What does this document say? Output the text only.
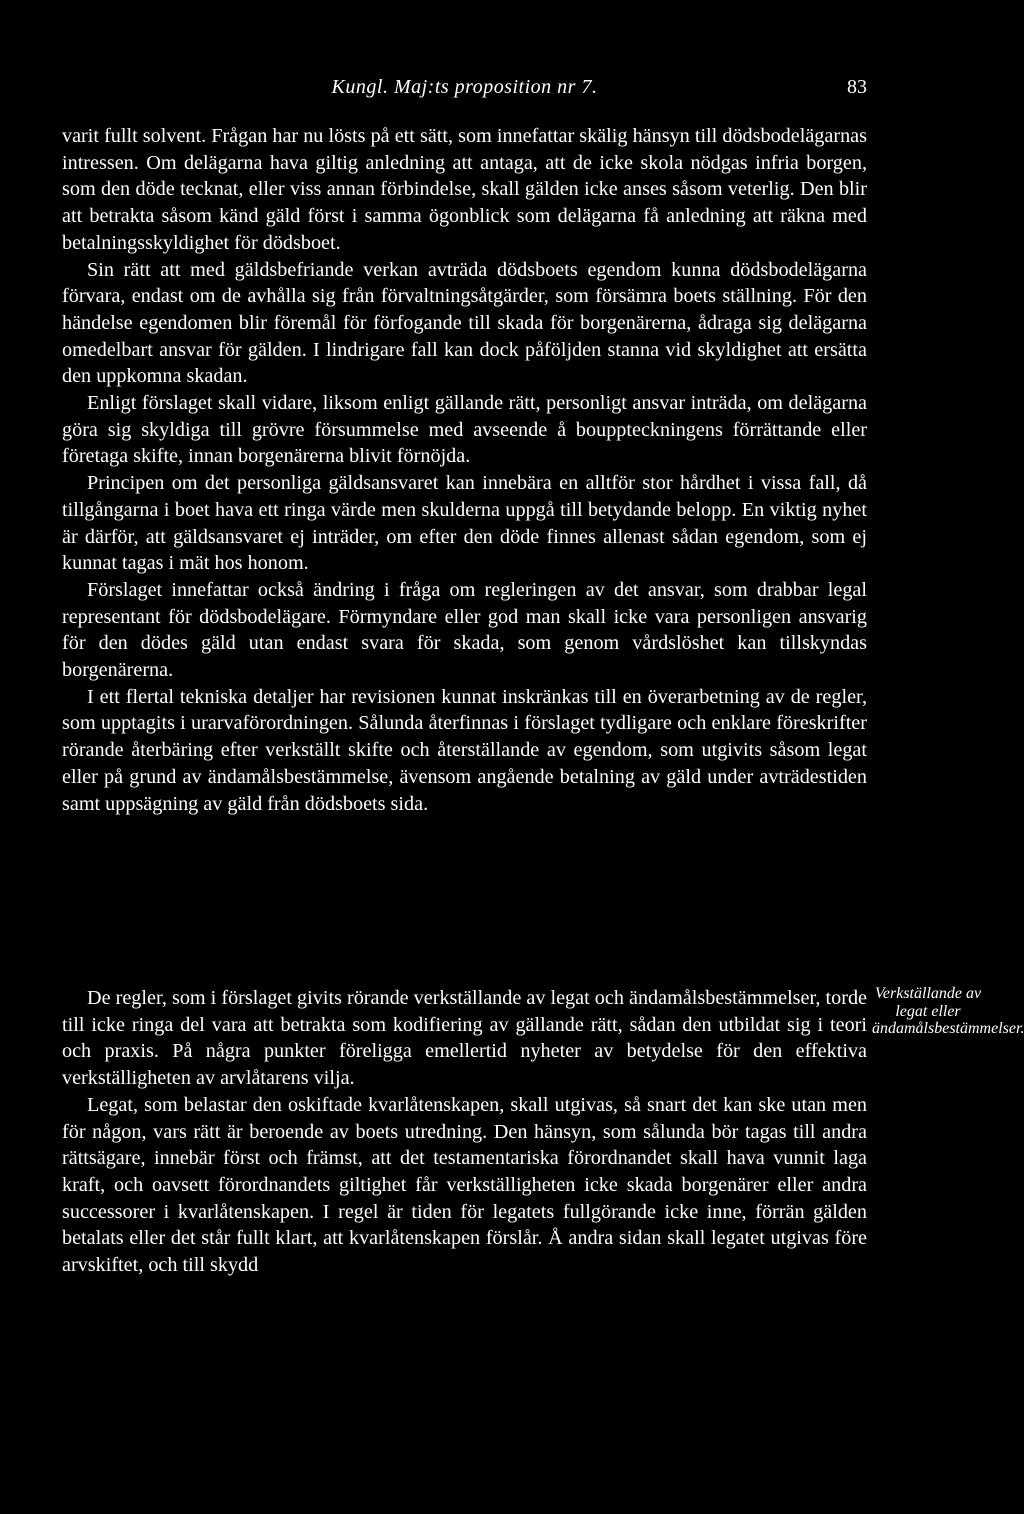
Kungl. Maj:ts proposition nr 7.	83

varit fullt solvent. Frågan har nu lösts på ett sätt, som innefattar skälig hänsyn till dödsbodelägarnas intressen. Om delägarna hava giltig anledning att antaga, att de icke skola nödgas infria borgen, som den döde tecknat, eller viss annan förbindelse, skall gälden icke anses såsom veterlig. Den blir att betrakta såsom känd gäld först i samma ögonblick som delägarna få anledning att räkna med betalningsskyldighet för dödsboet.

Sin rätt att med gäldsbefriande verkan avträda dödsboets egendom kunna dödsbodelägarna förvara, endast om de avhålla sig från förvaltningsåtgärder, som försämra boets ställning. För den händelse egendomen blir föremål för förfogande till skada för borgenärerna, ådraga sig delägarna omedelbart ansvar för gälden. I lindrigare fall kan dock påföljden stanna vid skyldighet att ersätta den uppkomna skadan.

Enligt förslaget skall vidare, liksom enligt gällande rätt, personligt ansvar inträda, om delägarna göra sig skyldiga till grövre försummelse med avseende å bouppteckningens förrättande eller företaga skifte, innan borgenärerna blivit förnöjda.

Principen om det personliga gäldsansvaret kan innebära en alltför stor hårdhet i vissa fall, då tillgångarna i boet hava ett ringa värde men skulderna uppgå till betydande belopp. En viktig nyhet är därför, att gäldsansvaret ej inträder, om efter den döde finnes allenast sådan egendom, som ej kunnat tagas i mät hos honom.

Förslaget innefattar också ändring i fråga om regleringen av det ansvar, som drabbar legal representant för dödsbodelägare. Förmyndare eller god man skall icke vara personligen ansvarig för den dödes gäld utan endast svara för skada, som genom vårdslöshet kan tillskyndas borgenärerna.

I ett flertal tekniska detaljer har revisionen kunnat inskränkas till en överarbetning av de regler, som upptagits i urarvaförordningen. Sålunda återfinnas i förslaget tydligare och enklare föreskrifter rörande återbäring efter verkställt skifte och återställande av egendom, som utgivits såsom legat eller på grund av ändamålsbestämmelse, ävensom angående betalning av gäld under avträdestiden samt uppsägning av gäld från dödsboets sida.

De regler, som i förslaget givits rörande verkställande av legat och ändamålsbestämmelser, torde till icke ringa del vara att betrakta som kodifiering av gällande rätt, sådan den utbildat sig i teori och praxis. På några punkter föreligga emellertid nyheter av betydelse för den effektiva verkställigheten av arvlåtarens vilja.

Legat, som belastar den oskiftade kvarlåtenskapen, skall utgivas, så snart det kan ske utan men för någon, vars rätt är beroende av boets utredning. Den hänsyn, som sålunda bör tagas till andra rättsägare, innebär först och främst, att det testamentariska förordnandet skall hava vunnit laga kraft, och oavsett förordnandets giltighet får verkställigheten icke skada borgenärer eller andra successorer i kvarlåtenskapen. I regel är tiden för legatets fullgörande icke inne, förrän gälden betalats eller det står fullt klart, att kvarlåtenskapen förslår. Å andra sidan skall legatet utgivas före arvskiftet, och till skydd

Verkställande av legat eller ändamålsbestämmelser.
